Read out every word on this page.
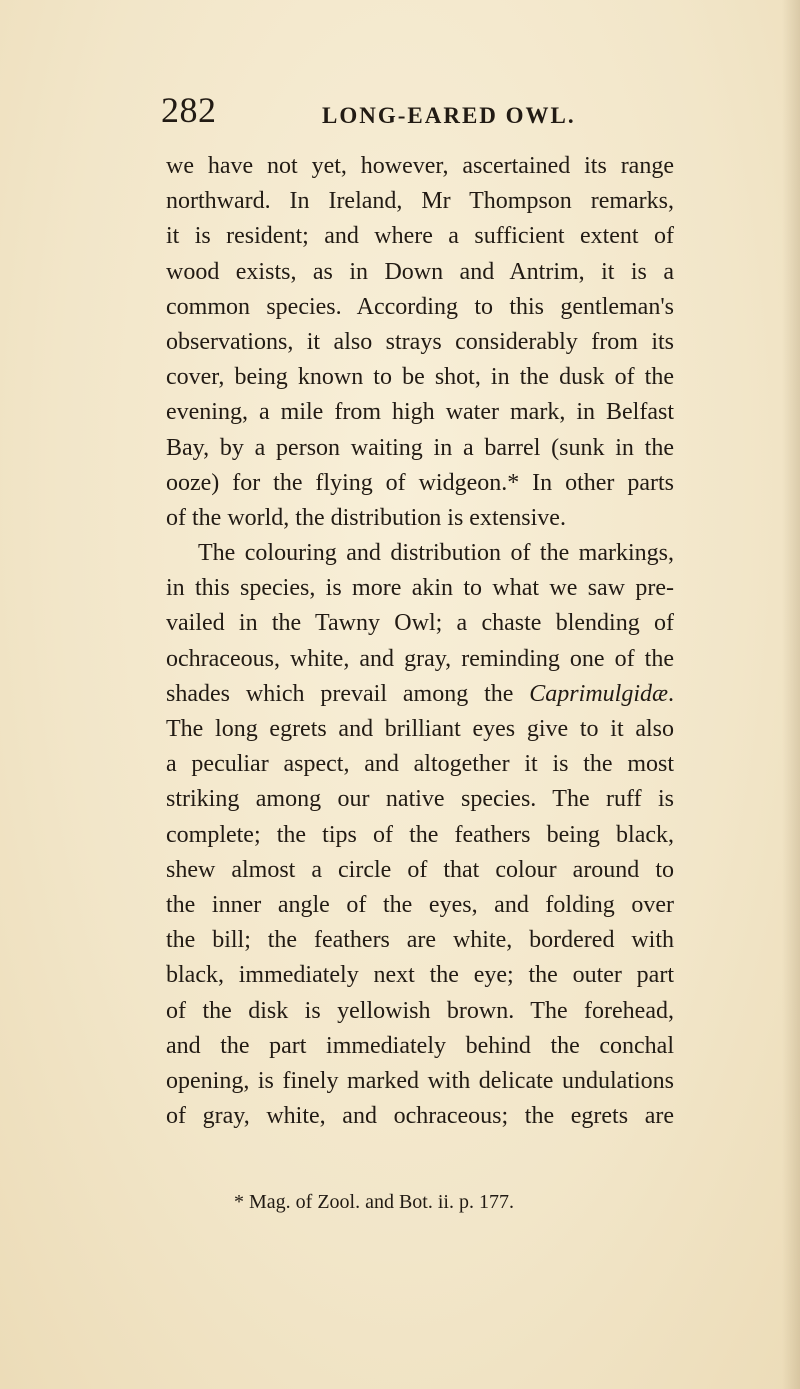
282	LONG-EARED OWL.
we have not yet, however, ascertained its range
northward. In Ireland, Mr Thompson remarks,
it is resident; and where a sufficient extent of
wood exists, as in Down and Antrim, it is a
common species. According to this gentleman's
observations, it also strays considerably from its
cover, being known to be shot, in the dusk of the
evening, a mile from high water mark, in Belfast
Bay, by a person waiting in a barrel (sunk in the
ooze) for the flying of widgeon.* In other parts
of the world, the distribution is extensive.
The colouring and distribution of the markings,
in this species, is more akin to what we saw pre-
vailed in the Tawny Owl; a chaste blending of
ochraceous, white, and gray, reminding one of the
shades which prevail among the Caprimulgidæ.
The long egrets and brilliant eyes give to it also
a peculiar aspect, and altogether it is the most
striking among our native species. The ruff is
complete; the tips of the feathers being black,
shew almost a circle of that colour around to
the inner angle of the eyes, and folding over
the bill; the feathers are white, bordered with
black, immediately next the eye; the outer part
of the disk is yellowish brown. The forehead,
and the part immediately behind the conchal
opening, is finely marked with delicate undulations
of gray, white, and ochraceous; the egrets are
* Mag. of Zool. and Bot. ii. p. 177.
